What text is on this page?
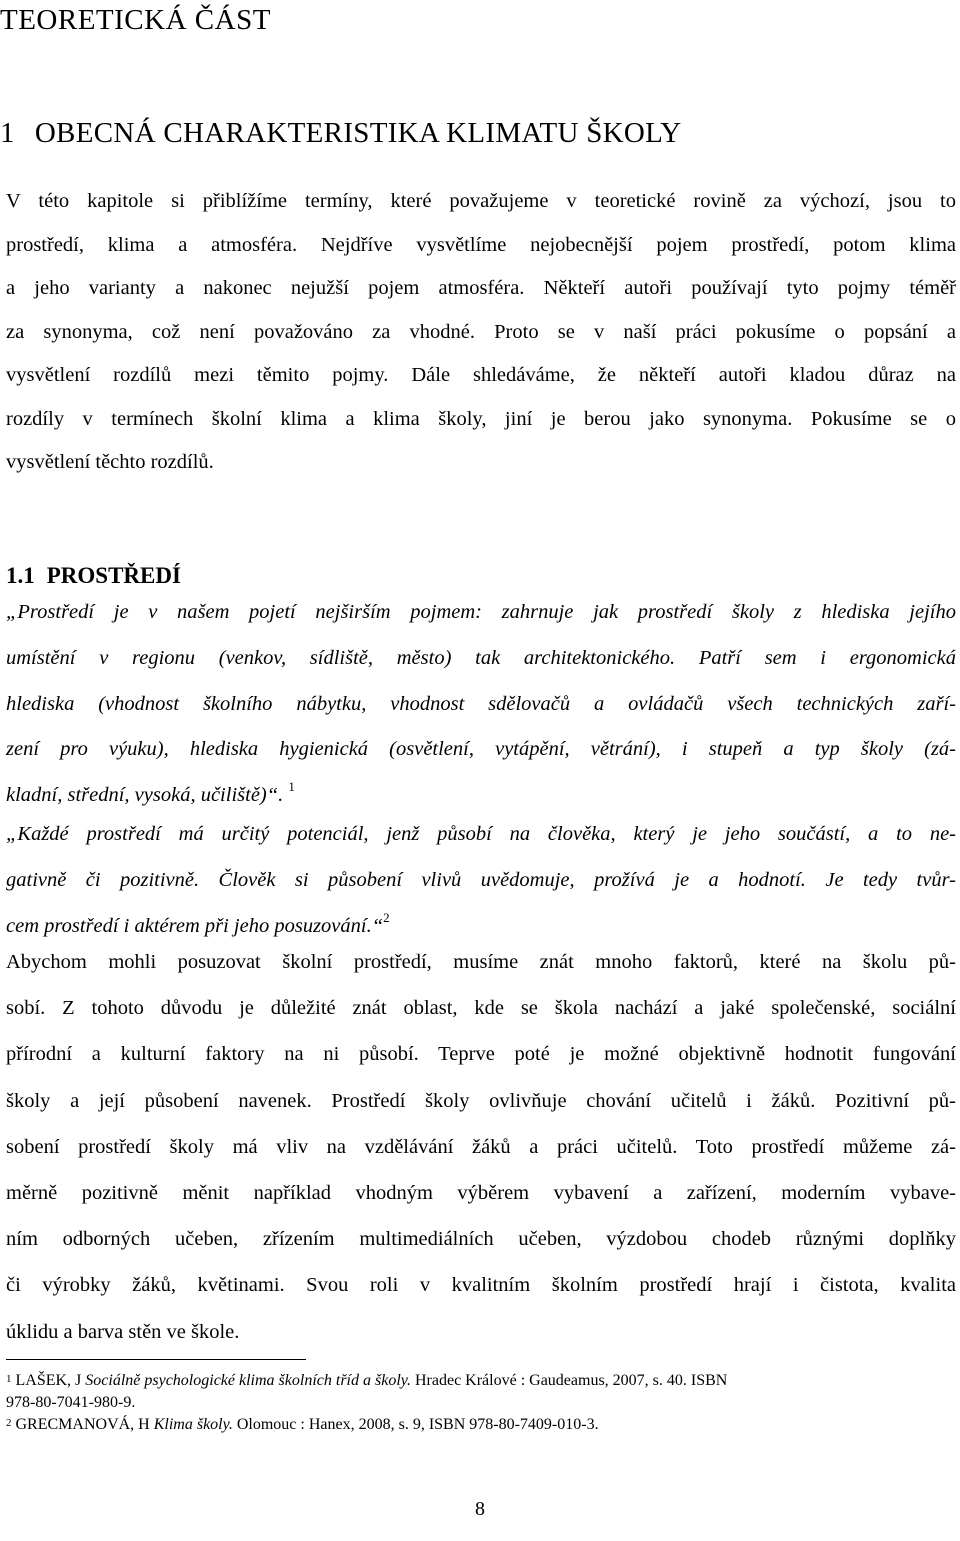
TEORETICKÁ ČÁST
1 OBECNÁ CHARAKTERISTIKA KLIMATU ŠKOLY

V této kapitole si přiblížíme termíny, které považujeme v teoretické rovině za výchozí, jsou to
prostředí, klima a atmosféra. Nejdříve vysvětlíme nejobecnější pojem prostředí, potom klima
a jeho varianty a nakonec nejužší pojem atmosféra. Někteří autoři používají tyto pojmy téměř
za synonyma, což není považováno za vhodné. Proto se v naší práci pokusíme o popsání a
vysvětlení rozdílů mezi těmito pojmy. Dále shledáváme, že někteří autoři kladou důraz na
rozdíly v termínech školní klima a klima školy, jiní je berou jako synonyma. Pokusíme se o
vysvětlení těchto rozdílů.

1.1 PROSTŘEDÍ

„Prostředí je v našem pojetí nejširším pojmem: zahrnuje jak prostředí školy z hlediska jejího
umístění v regionu (venkov, sídliště, město) tak architektonického. Patří sem i ergonomická
hlediska (vhodnost školního nábytku, vhodnost sdělovačů a ovládačů všech technických zaří-
zení pro výuku), hlediska hygienická (osvětlení, vytápění, větrání), i stupeň a typ školy (zá-
kladní, střední, vysoká, učiliště)“. $^1$

„Každé prostředí má určitý potenciál, jenž působí na člověka, který je jeho součástí, a to ne-
gativně či pozitivně. Člověk si působení vlivů uvědomuje, prožívá je a hodnotí. Je tedy tvůr-
cem prostředí i aktérem při jeho posuzování.“$^2$

Abychom mohli posuzovat školní prostředí, musíme znát mnoho faktorů, které na školu pů-
sobí. Z tohoto důvodu je důležité znát oblast, kde se škola nachází a jaké společenské, sociální
přírodní a kulturní faktory na ni působí. Teprve poté je možné objektivně hodnotit fungování
školy a její působení navenek. Prostředí školy ovlivňuje chování učitelů i žáků. Pozitivní pů-
sobení prostředí školy má vliv na vzdělávání žáků a práci učitelů. Toto prostředí můžeme zá-
měrně pozitivně měnit například vhodným výběrem vybavení a zařízení, moderním vybave-
ním odborných učeben, zřízením multimediálních učeben, výzdobou chodeb různými doplňky
či výrobky žáků, květinami. Svou roli v kvalitním školním prostředí hrají i čistota, kvalita
úklidu a barva stěn ve škole.

$^1$ LAŠEK, J Sociálně psychologické klima školních tříd a školy. Hradec Králové : Gaudeamus, 2007, s. 40. ISBN
978-80-7041-980-9.
$^2$ GRECMANOVÁ, H Klima školy. Olomouc : Hanex, 2008, s. 9, ISBN 978-80-7409-010-3.
8
